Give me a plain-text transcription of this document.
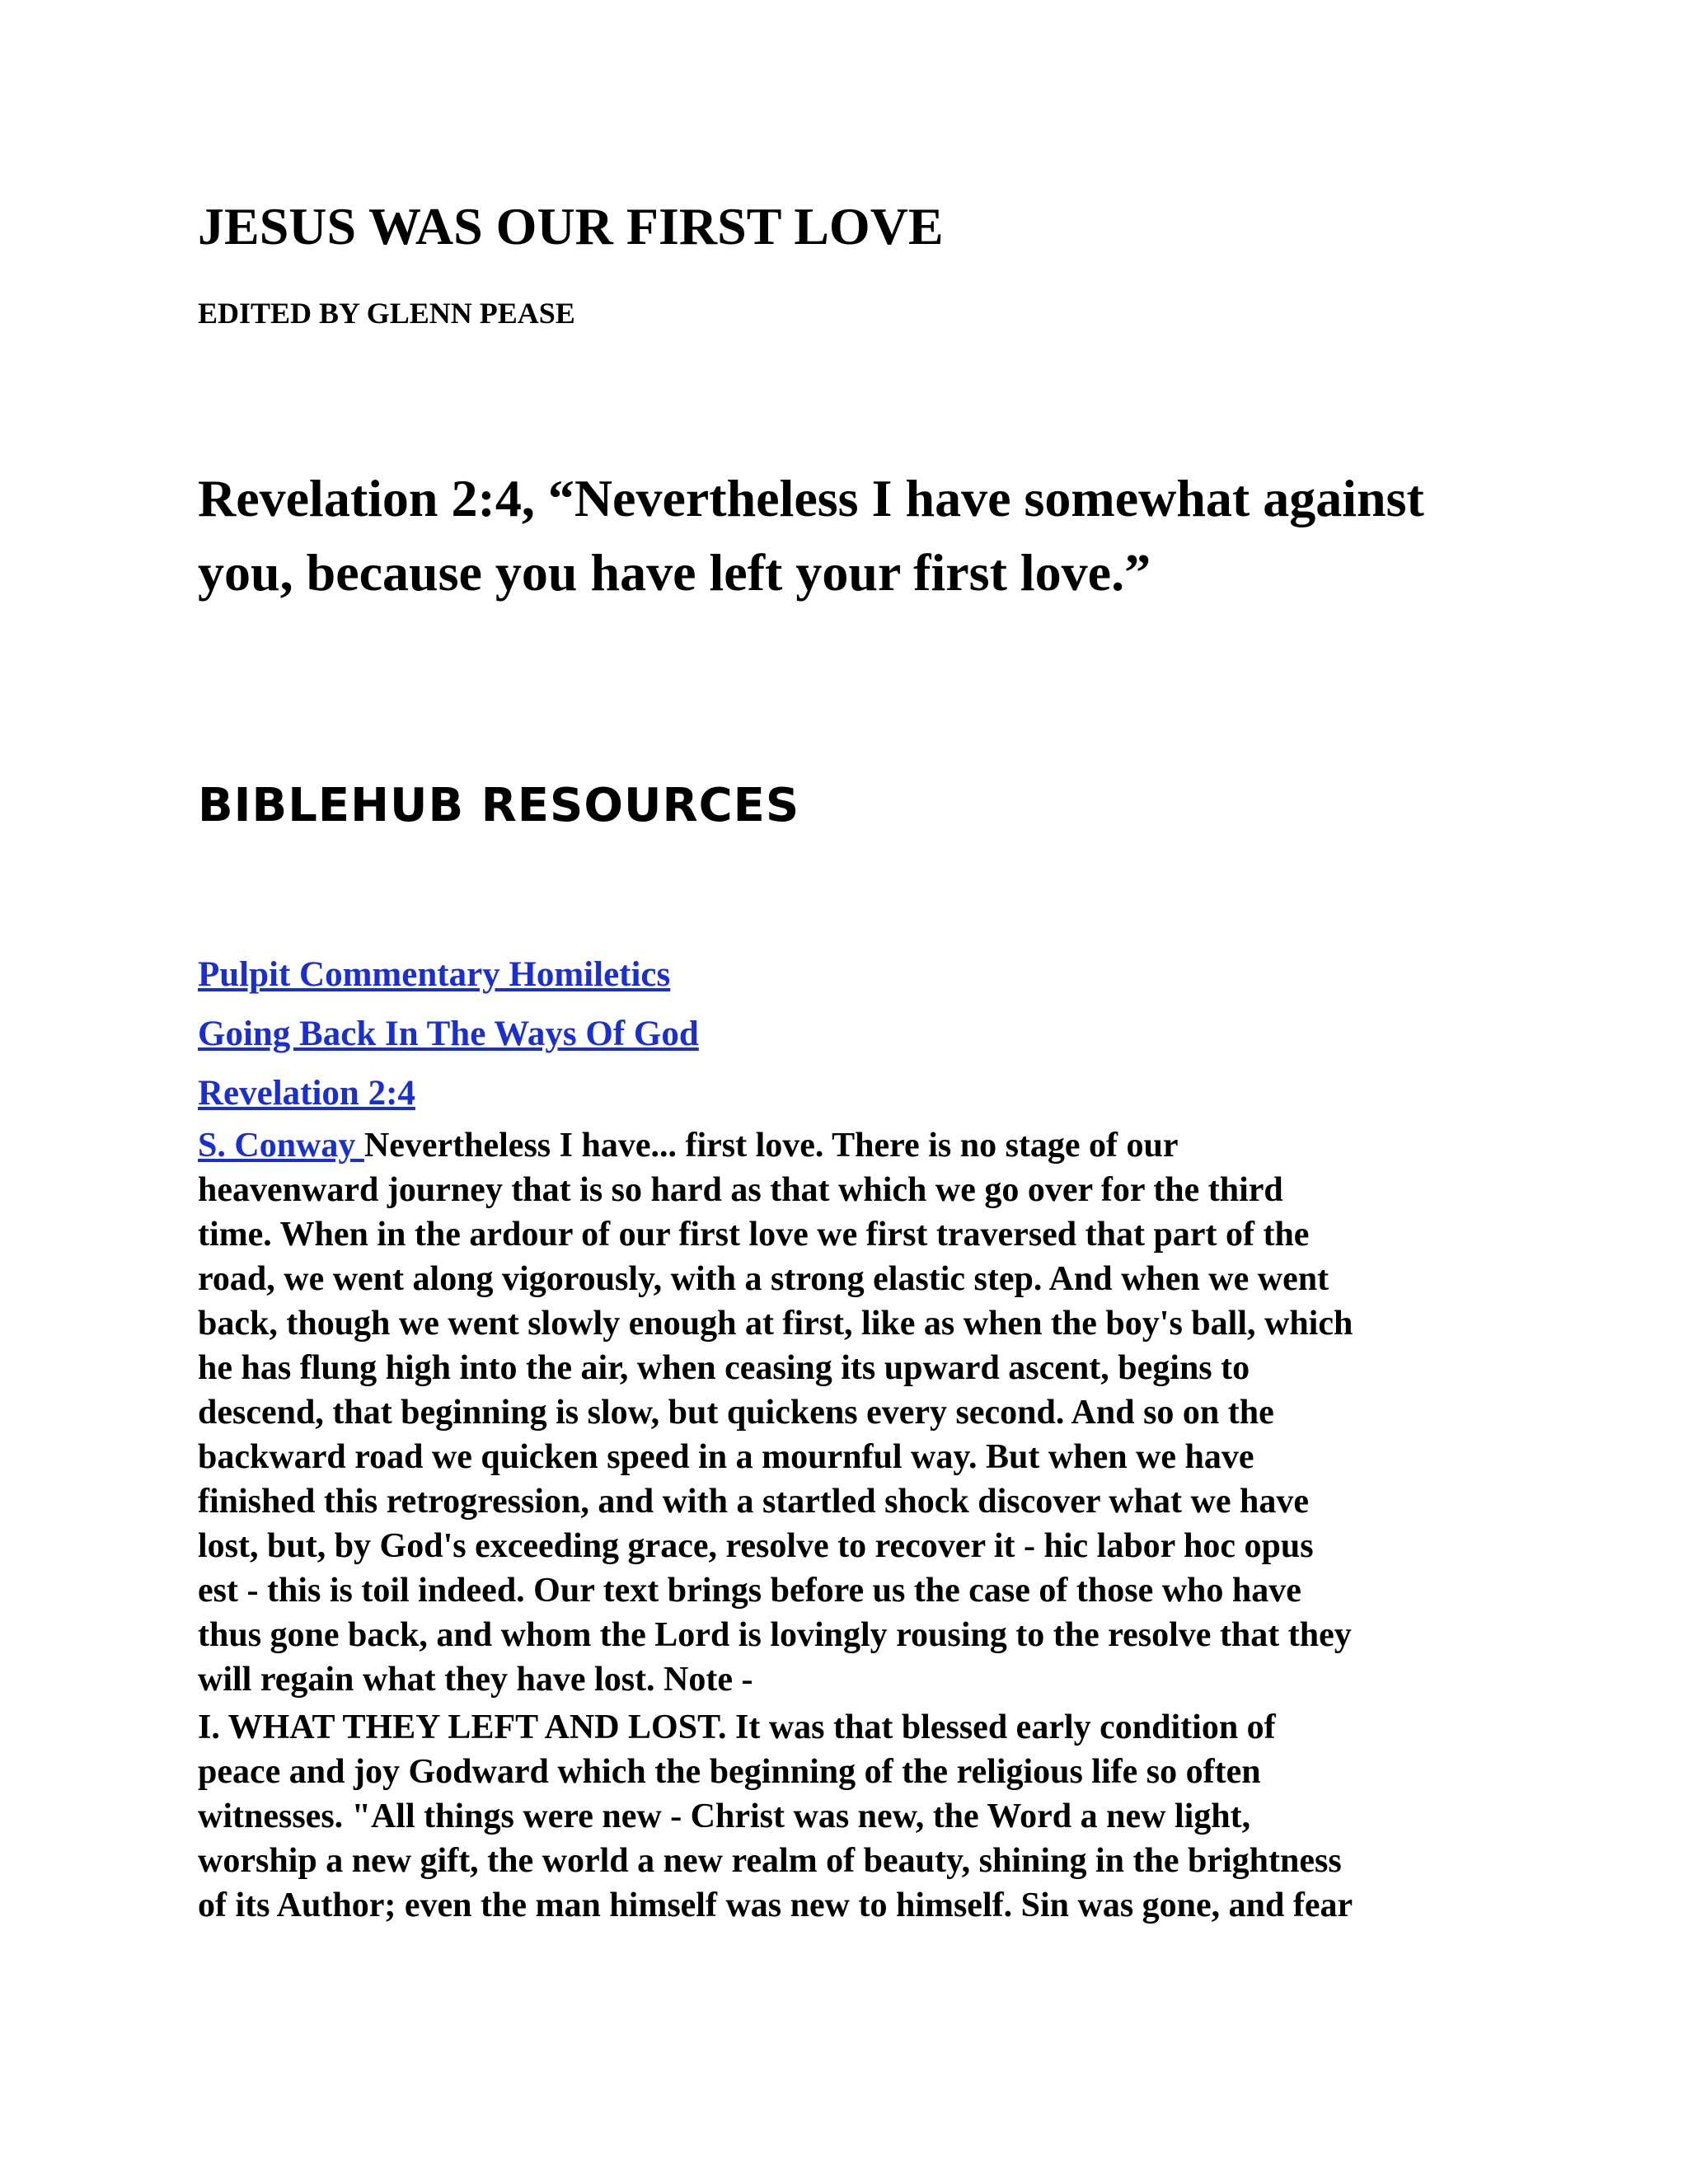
JESUS WAS OUR FIRST LOVE
EDITED BY GLENN PEASE
Revelation 2:4, “Nevertheless I have somewhat against
you, because you have left your first love.”
BIBLEHUB RESOURCES
Pulpit Commentary Homiletics
Going Back In The Ways Of God
Revelation 2:4

S. Conway Nevertheless I have... first love. There is no stage of our
heavenward journey that is so hard as that which we go over for the third
time. When in the ardour of our first love we first traversed that part of the
road, we went along vigorously, with a strong elastic step. And when we went
back, though we went slowly enough at first, like as when the boy's ball, which
he has flung high into the air, when ceasing its upward ascent, begins to
descend, that beginning is slow, but quickens every second. And so on the
backward road we quicken speed in a mournful way. But when we have
finished this retrogression, and with a startled shock discover what we have
lost, but, by God's exceeding grace, resolve to recover it - hic labor hoc opus
est - this is toil indeed. Our text brings before us the case of those who have
thus gone back, and whom the Lord is lovingly rousing to the resolve that they
will regain what they have lost. Note -

I. WHAT THEY LEFT AND LOST. It was that blessed early condition of
peace and joy Godward which the beginning of the religious life so often
witnesses. "All things were new - Christ was new, the Word a new light,
worship a new gift, the world a new realm of beauty, shining in the brightness
of its Author; even the man himself was new to himself. Sin was gone, and fear
